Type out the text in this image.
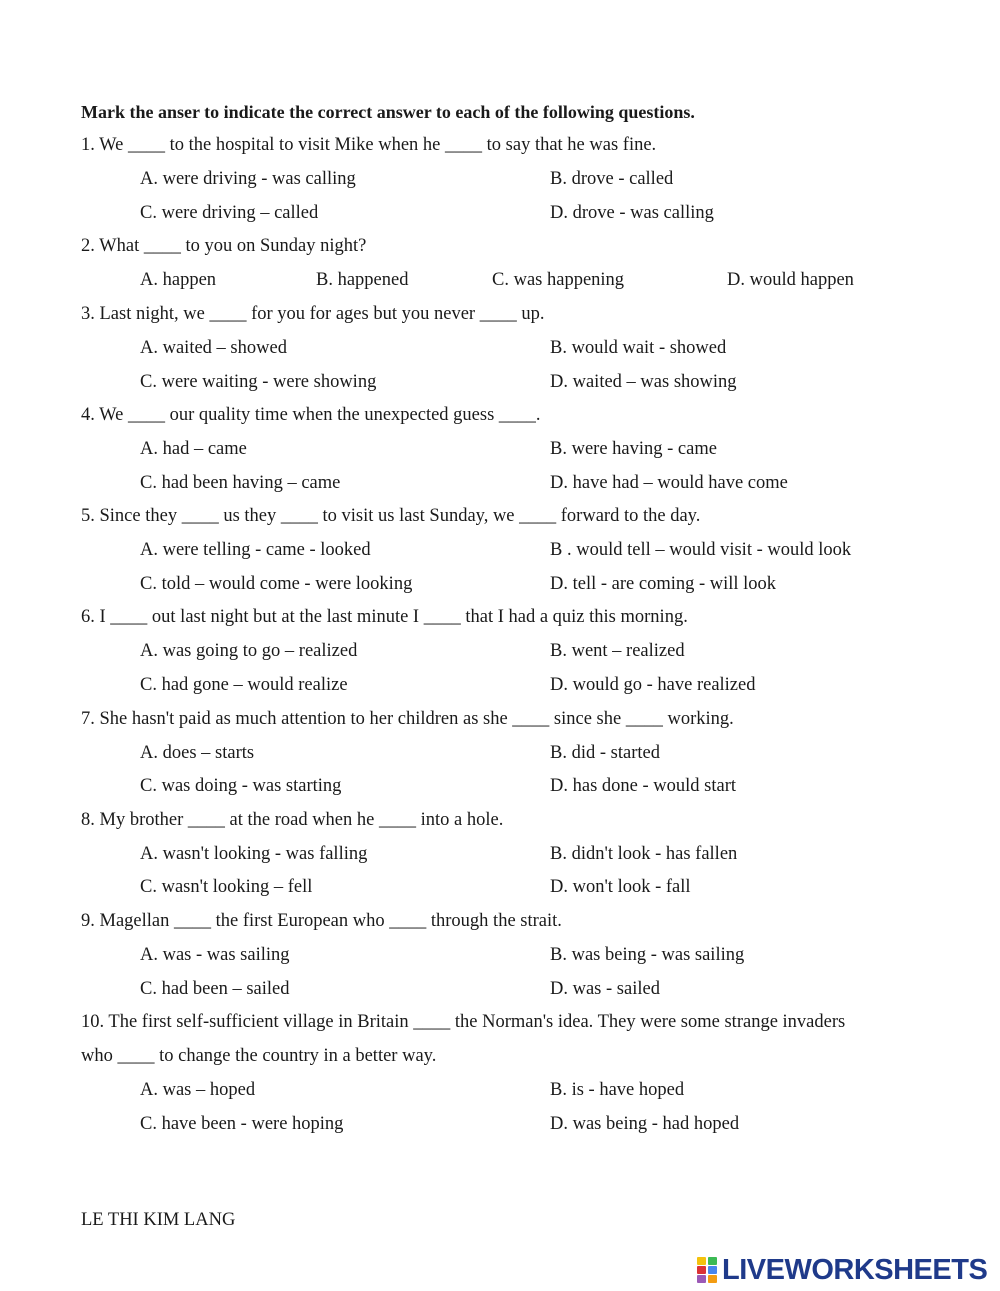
Mark the anser to indicate the correct answer to each of the following questions.
1. We ____ to the hospital to visit Mike when he ____ to say that he was fine.
A. were driving - was calling	B. drove - called
C. were driving – called	D. drove - was calling
2. What ____ to you on Sunday night?
A. happen	B. happened	C. was happening	D. would happen
3. Last night, we ____ for you for ages but you never ____ up.
A. waited – showed	B. would wait - showed
C. were waiting - were showing	D. waited – was showing
4. We ____ our quality time when the unexpected guess ____.
A. had – came	B. were having - came
C. had been having – came	D. have had – would have come
5. Since they ____ us they ____ to visit us last Sunday, we ____ forward to the day.
A. were telling - came - looked	B . would tell – would visit - would look
C. told – would come - were looking	D. tell - are coming - will look
6. I ____ out last night but at the last minute I ____ that I had a quiz this morning.
A. was going to go – realized	B. went – realized
C. had gone – would realize	D. would go - have realized
7. She hasn't paid as much attention to her children as she ____ since she ____ working.
A. does – starts	B. did - started
C. was doing - was starting	D. has done - would start
8. My brother ____ at the road when he ____ into a hole.
A. wasn't looking - was falling	B. didn't look - has fallen
C. wasn't looking – fell	D. won't look - fall
9. Magellan ____ the first European who ____ through the strait.
A. was - was sailing	B. was being - was sailing
C. had been – sailed	D. was - sailed
10. The first self-sufficient village in Britain ____ the Norman's idea. They were some strange invaders
who ____ to change the country in a better way.
A. was – hoped	B. is - have hoped
C. have been - were hoping	D. was being - had hoped
LE THI KIM LANG
LIVEWORKSHEETS
